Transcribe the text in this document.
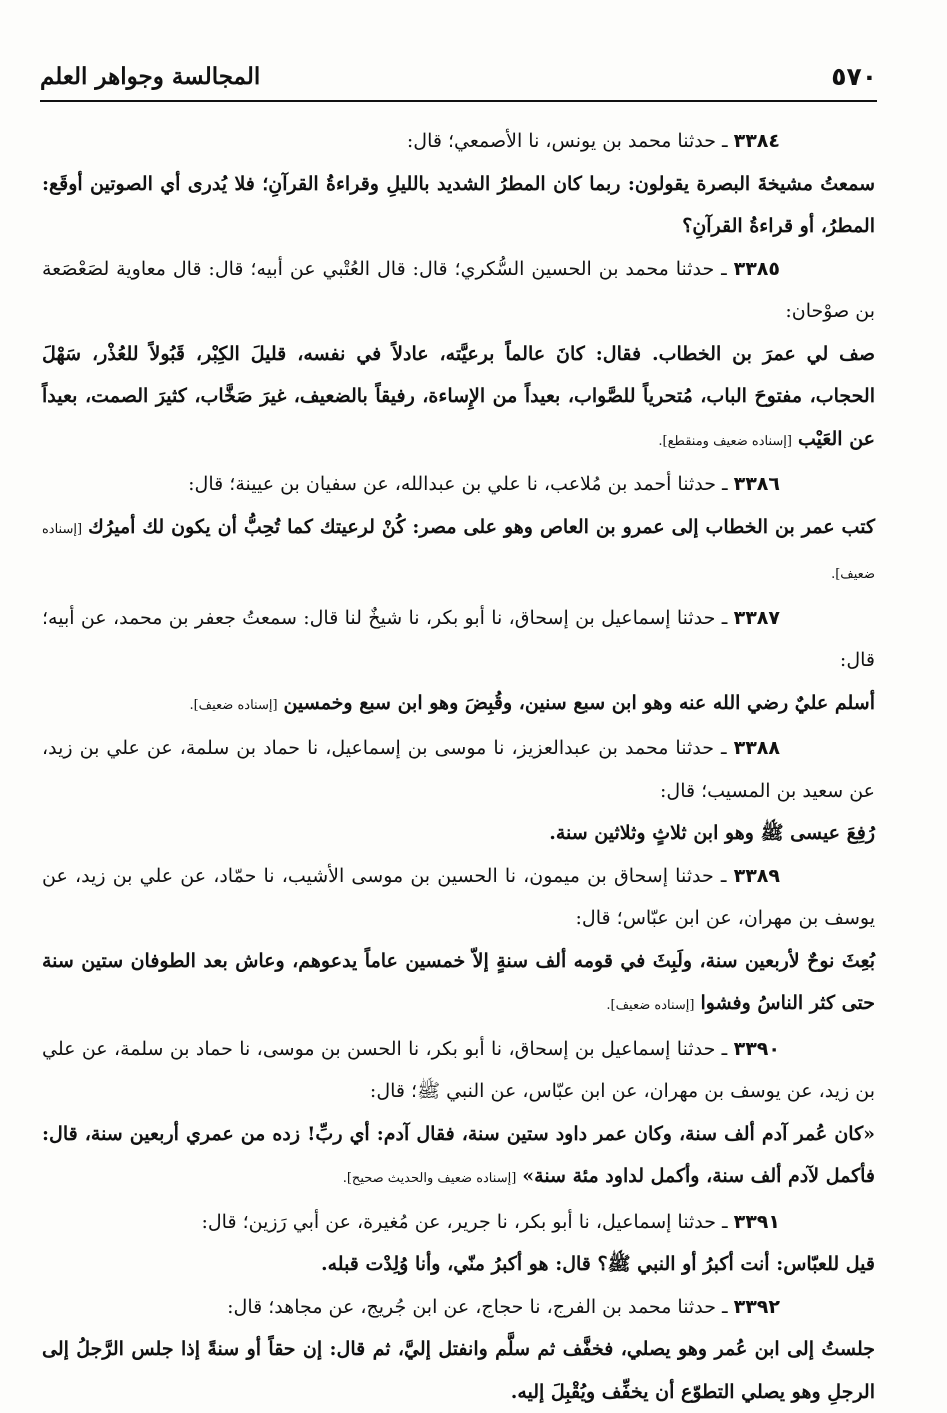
٥٧٠
المجالسة وجواهر العلم

٣٣٨٤ ـ حدثنا محمد بن يونس، نا الأصمعي؛ قال:

سمعتُ مشيخةَ البصرة يقولون: ربما كان المطرُ الشديد بالليلِ وقراءةُ القرآنِ؛ فلا يُدرى أي الصوتين أوقَع: المطرُ، أو قراءةُ القرآنِ؟

٣٣٨٥ ـ حدثنا محمد بن الحسين السُّكري؛ قال: قال العُتْبي عن أبيه؛ قال: قال معاوية لصَعْصَعة بن صوْحان:

صف لي عمرَ بن الخطاب. فقال: كانَ عالماً برعيَّته، عادلاً في نفسه، قليلَ الكِبْر، قَبُولاً للعُذْر، سَهْلَ الحجاب، مفتوحَ الباب، مُتحرياً للصَّواب، بعيداً من الإِساءة، رفيقاً بالضعيف، غيرَ صَخَّاب، كثيرَ الصمت، بعيداً عن العَيْب[إسناده ضعيف ومنقطع].

٣٣٨٦ ـ حدثنا أحمد بن مُلاعب، نا علي بن عبدالله، عن سفيان بن عيينة؛ قال:

كتب عمر بن الخطاب إلى عمرو بن العاص وهو على مصر: كُنْ لرعيتك كما تُحِبُّ أن يكون لك أميرُك[إسناده ضعيف].

٣٣٨٧ ـ حدثنا إسماعيل بن إسحاق، نا أبو بكر، نا شيخٌ لنا قال: سمعتُ جعفر بن محمد، عن أبيه؛ قال:

أسلم عليٌ رضي الله عنه وهو ابن سبع سنين، وقُبِضَ وهو ابن سبع وخمسين[إسناده ضعيف].

٣٣٨٨ ـ حدثنا محمد بن عبدالعزيز، نا موسى بن إسماعيل، نا حماد بن سلمة، عن علي بن زيد، عن سعيد بن المسيب؛ قال:

رُفِعَ عيسى ﷺ وهو ابن ثلاثٍ وثلاثين سنة.

٣٣٨٩ ـ حدثنا إسحاق بن ميمون، نا الحسين بن موسى الأشيب، نا حمّاد، عن علي بن زيد، عن يوسف بن مهران، عن ابن عبّاس؛ قال:

بُعِثَ نوحٌ لأربعين سنة، ولَبِثَ في قومه ألف سنةٍ إلاّ خمسين عاماً يدعوهم، وعاش بعد الطوفان ستين سنة حتى كثر الناسُ وفشوا[إسناده ضعيف].

٣٣٩٠ ـ حدثنا إسماعيل بن إسحاق، نا أبو بكر، نا الحسن بن موسى، نا حماد بن سلمة، عن علي بن زيد، عن يوسف بن مهران، عن ابن عبّاس، عن النبي ﷺ؛ قال:

«كان عُمر آدم ألف سنة، وكان عمر داود ستين سنة، فقال آدم: أي ربِّ! زده من عمري أربعين سنة، قال: فأكمل لآدم ألف سنة، وأكمل لداود مئة سنة»[إسناده ضعيف والحديث صحيح].

٣٣٩١ ـ حدثنا إسماعيل، نا أبو بكر، نا جرير، عن مُغيرة، عن أبي رَزين؛ قال:

قيل للعبّاس: أنت أكبرُ أو النبي ﷺ؟ قال: هو أكبرُ منّي، وأنا وُلِدْت قبله.

٣٣٩٢ ـ حدثنا محمد بن الفرج، نا حجاج، عن ابن جُريج، عن مجاهد؛ قال:

جلستُ إلى ابن عُمر وهو يصلي، فخفَّف ثم سلَّم وانفتل إليَّ، ثم قال: إن حقاً أو سنةً إذا جلس الرَّجلُ إلى الرجلِ وهو يصلي التطوّع أن يخفِّف ويُقْبِلَ إليه.
